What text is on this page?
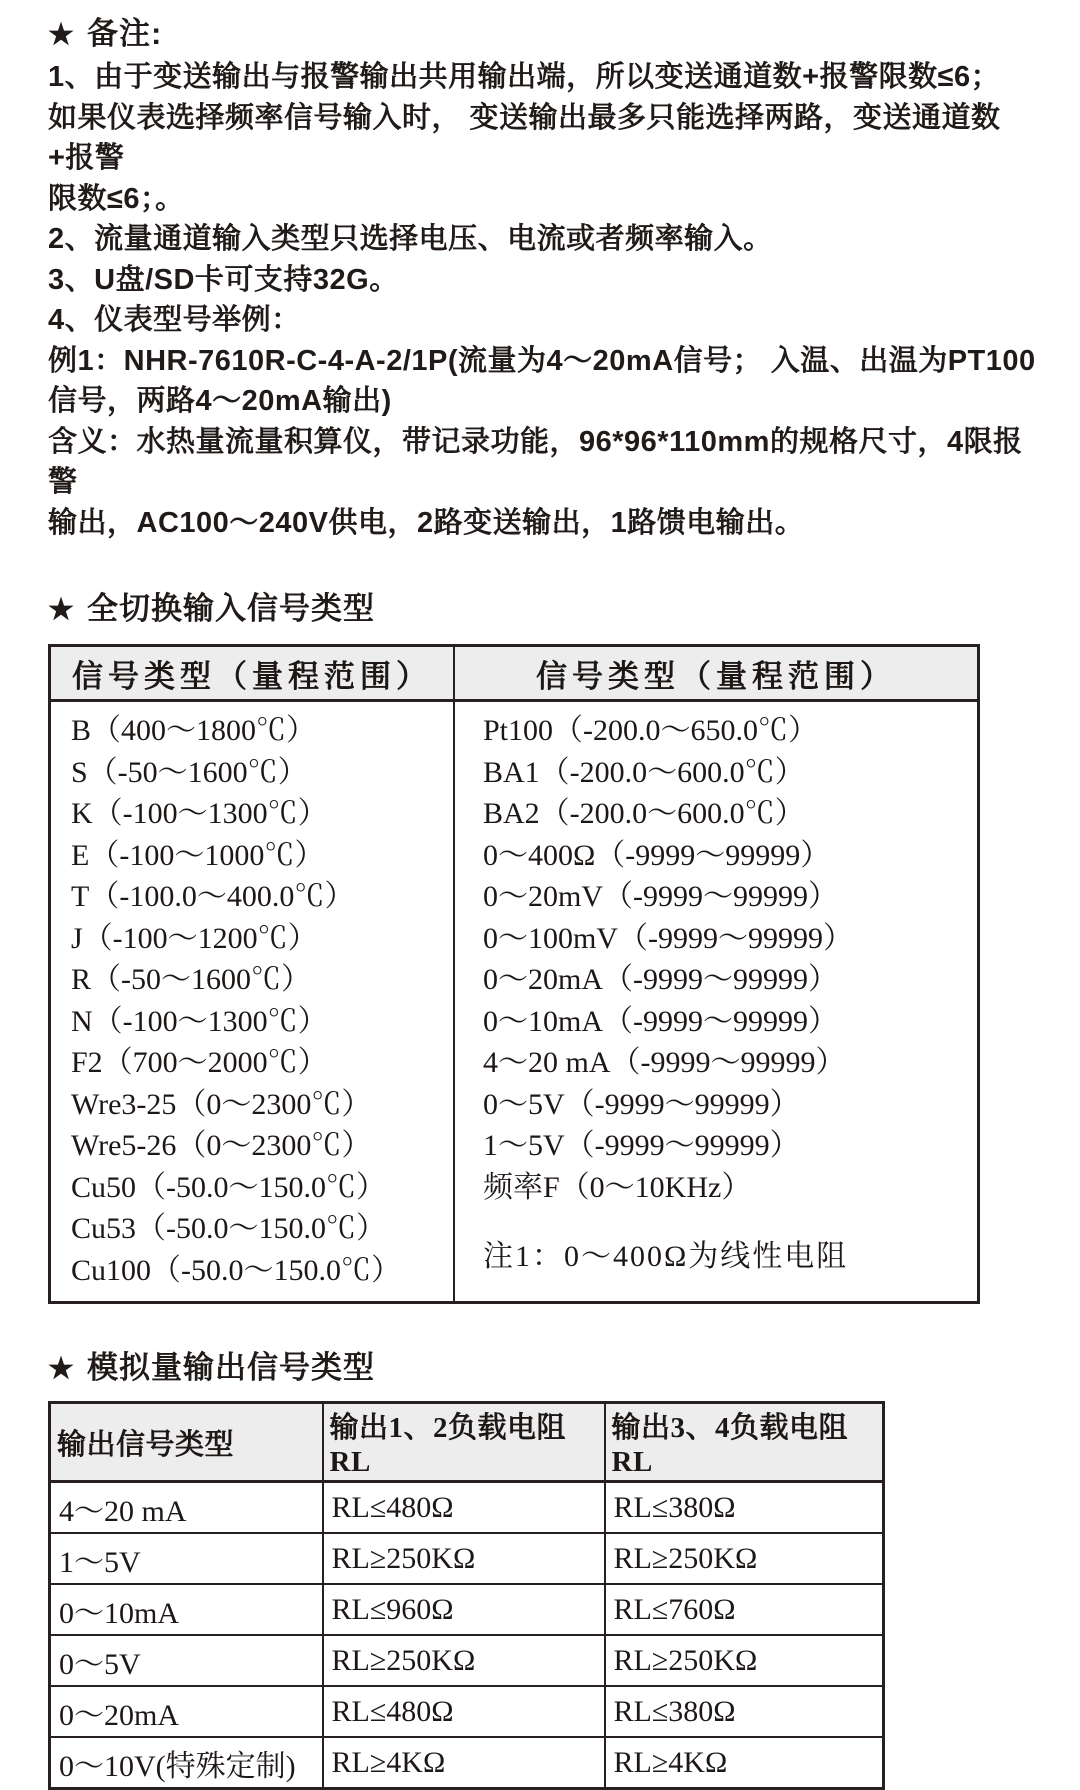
★ 备注:
1、由于变送输出与报警输出共用输出端，所以变送通道数+报警限数≤6；
如果仪表选择频率信号输入时， 变送输出最多只能选择两路，变送通道数+报警
限数≤6；。
2、流量通道输入类型只选择电压、电流或者频率输入。
3、U盘/SD卡可支持32G。
4、仪表型号举例：
例1：NHR-7610R-C-4-A-2/1P(流量为4～20mA信号； 入温、出温为PT100
信号，两路4～20mA输出)
含义：水热量流量积算仪，带记录功能，96*96*110mm的规格尺寸，4限报警
输出，AC100～240V供电，2路变送输出，1路馈电输出。
★ 全切换输入信号类型
信号类型（量程范围）	信号类型（量程范围）

B（400～1800℃）
S（-50～1600℃）
K（-100～1300℃）
E（-100～1000℃）
T（-100.0～400.0℃）
J（-100～1200℃）
R（-50～1600℃）
N（-100～1300℃）
F2（700～2000℃）
Wre3-25（0～2300℃）
Wre5-26（0～2300℃）
Cu50（-50.0～150.0℃）
Cu53（-50.0～150.0℃）
Cu100（-50.0～150.0℃）

Pt100（-200.0～650.0℃）
BA1（-200.0～600.0℃）
BA2（-200.0～600.0℃）
0～400Ω（-9999～99999）
0～20mV（-9999～99999）
0～100mV（-9999～99999）
0～20mA（-9999～99999）
0～10mA（-9999～99999）
4～20 mA（-9999～99999）
0～5V（-9999～99999）
1～5V（-9999～99999）
频率F（0～10KHz）
注1：0～400Ω为线性电阻
★ 模拟量输出信号类型
输出信号类型	输出1、2负载电阻RL	输出3、4负载电阻RL
4～20 mA	RL≤480Ω	RL≤380Ω
1～5V	RL≥250KΩ	RL≥250KΩ
0～10mA	RL≤960Ω	RL≤760Ω
0～5V	RL≥250KΩ	RL≥250KΩ
0～20mA	RL≤480Ω	RL≤380Ω
0～10V(特殊定制)	RL≥4KΩ	RL≥4KΩ
